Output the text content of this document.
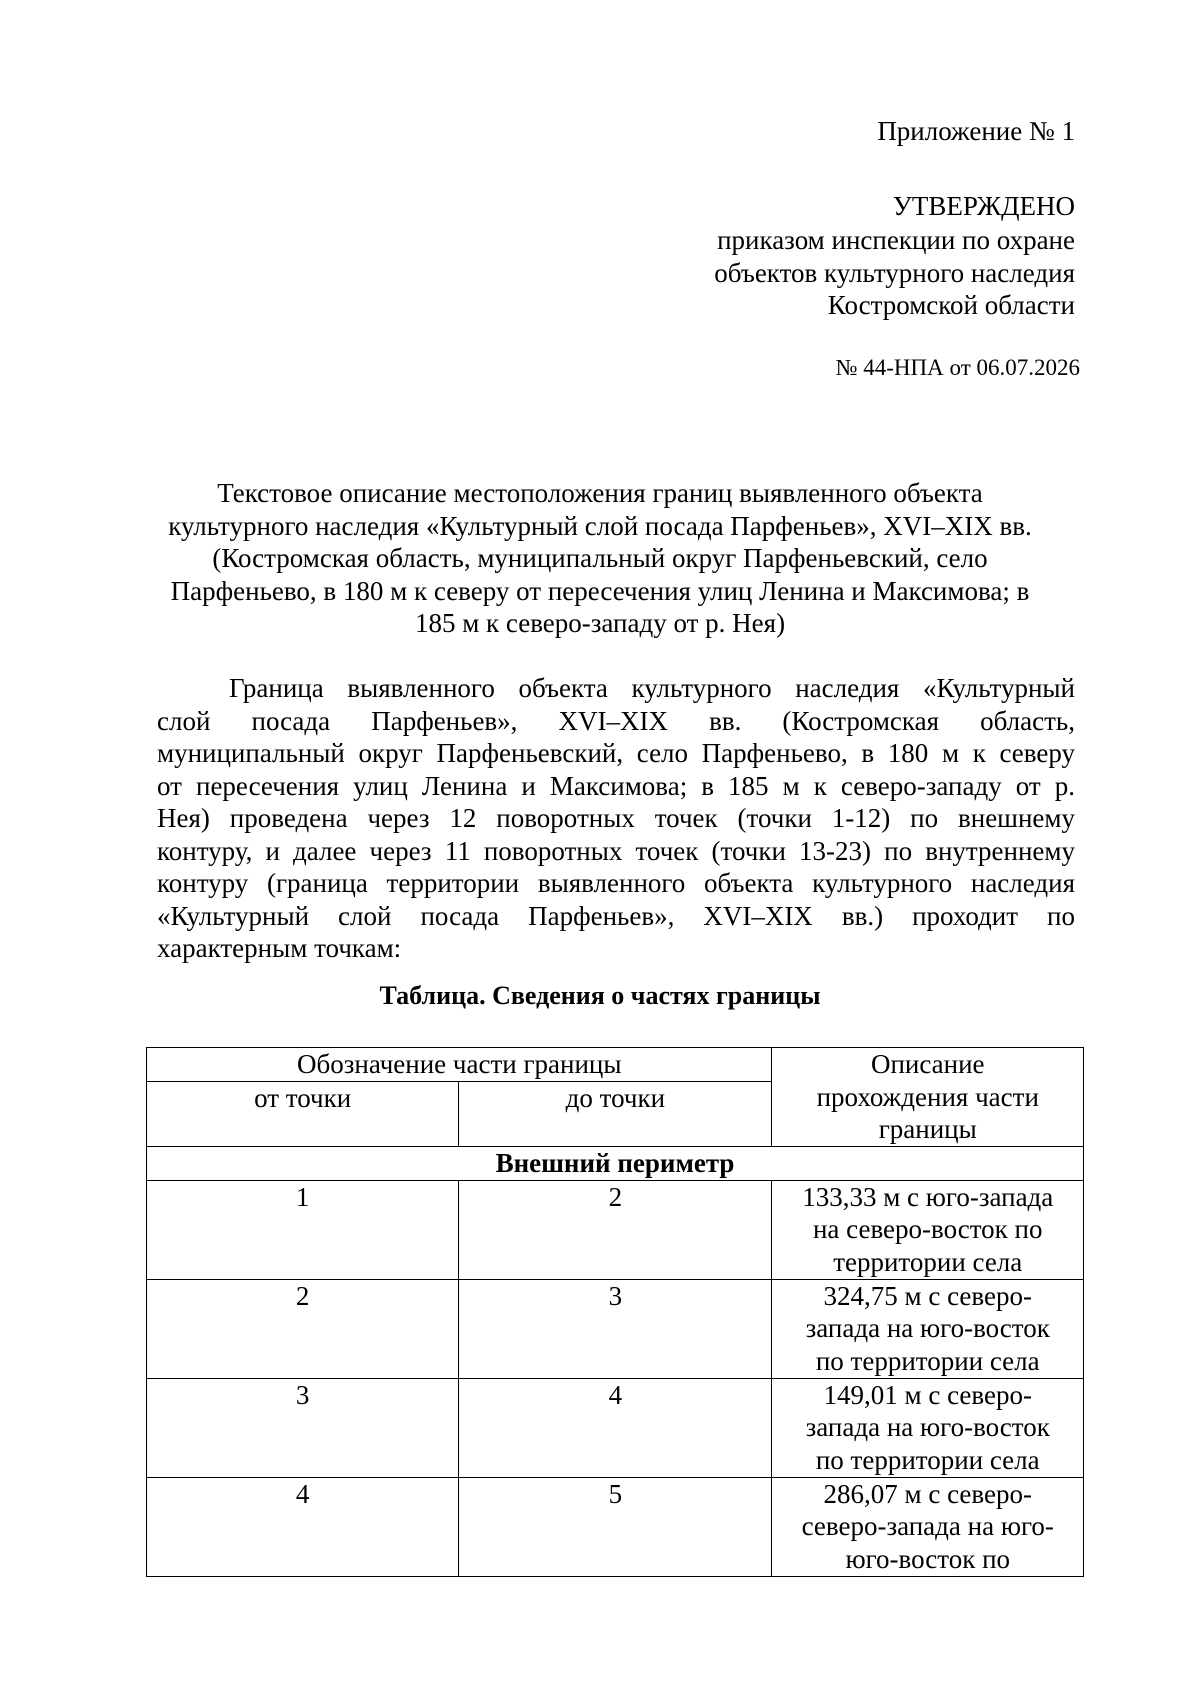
Приложение № 1
УТВЕРЖДЕНО
приказом инспекции по охране
объектов культурного наследия
Костромской области
№ 44-НПА от 06.07.2026
Текстовое описание местоположения границ выявленного объекта
культурного наследия «Культурный слой посада Парфеньев», XVI–XIX вв.
(Костромская область, муниципальный округ Парфеньевский, село
Парфеньево, в 180 м к северу от пересечения улиц Ленина и Максимова; в
185 м к северо-западу от р. Нея)
Граница выявленного объекта культурного наследия «Культурный
слой посада Парфеньев», XVI–XIX вв. (Костромская область,
муниципальный округ Парфеньевский, село Парфеньево, в 180 м к северу
от пересечения улиц Ленина и Максимова; в 185 м к северо-западу от р.
Нея) проведена через 12 поворотных точек (точки 1-12) по внешнему
контуру, и далее через 11 поворотных точек (точки 13-23) по внутреннему
контуру (граница территории выявленного объекта культурного наследия
«Культурный слой посада Парфеньев», XVI–XIX вв.) проходит по
характерным точкам:
Таблица. Сведения о частях границы
Обозначение части границы		Описание
прохождения части
границы

от точки	до точки	
Внешний периметр		
1	2	133,33 м с юго-запада
на северо-восток по
территории села

2	3	324,75 м с северо-
запада на юго-восток
по территории села

3	4	149,01 м с северо-
запада на юго-восток
по территории села

4	5	286,07 м с северо-
северо-запада на юго-
юго-восток по
